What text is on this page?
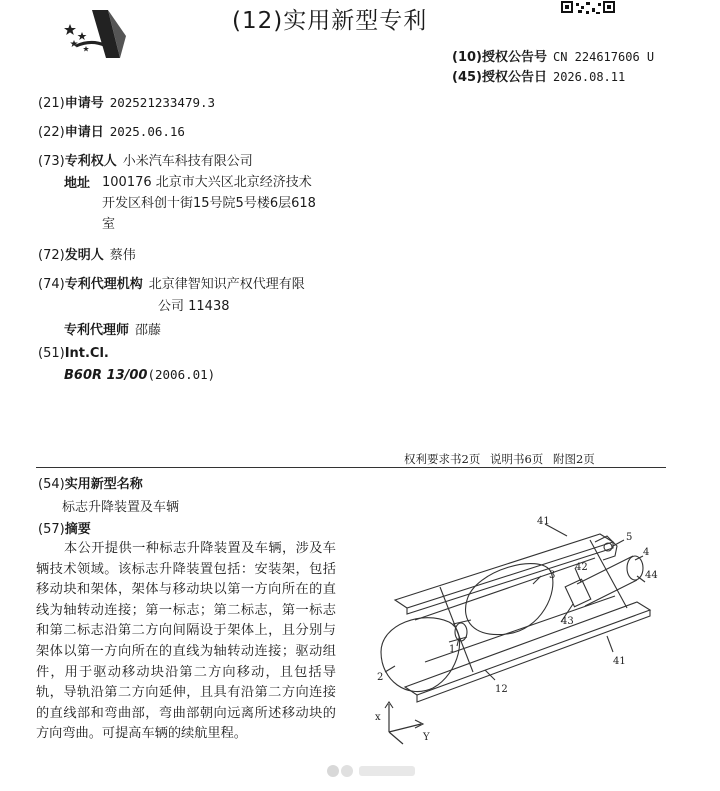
(12)实用新型专利
(10)授权公告号 CN 224617606 U
(45)授权公告日 2026.08.11
(21)申请号 202521233479.3
(22)申请日 2025.06.16
(73)专利权人 小米汽车科技有限公司
地址 100176 北京市大兴区北京经济技术
开发区科创十街15号院5号楼6层618
室
(72)发明人 蔡伟
(74)专利代理机构 北京律智知识产权代理有限
公司 11438
专利代理师 邵藤
(51)Int.Cl.
B60R 13/00(2006.01)
权利要求书2页 说明书6页 附图2页
(54)实用新型名称
标志升降装置及车辆
(57)摘要
本公开提供一种标志升降装置及车辆，涉及车辆技术领域。该标志升降装置包括：安装架，包括移动块和架体，架体与移动块以第一方向所在的直线为轴转动连接；第一标志；第二标志，第一标志和第二标志沿第二方向间隔设于架体上，且分别与架体以第一方向所在的直线为轴转动连接；驱动组件，用于驱动移动块沿第二方向移动，且包括导轨，导轨沿第二方向延伸，且具有沿第二方向连接的直线部和弯曲部，弯曲部朝向远离所述移动块的方向弯曲。可提高车辆的续航里程。
41
5
4
3
42
44
43
1
2
12
41
x
Y
